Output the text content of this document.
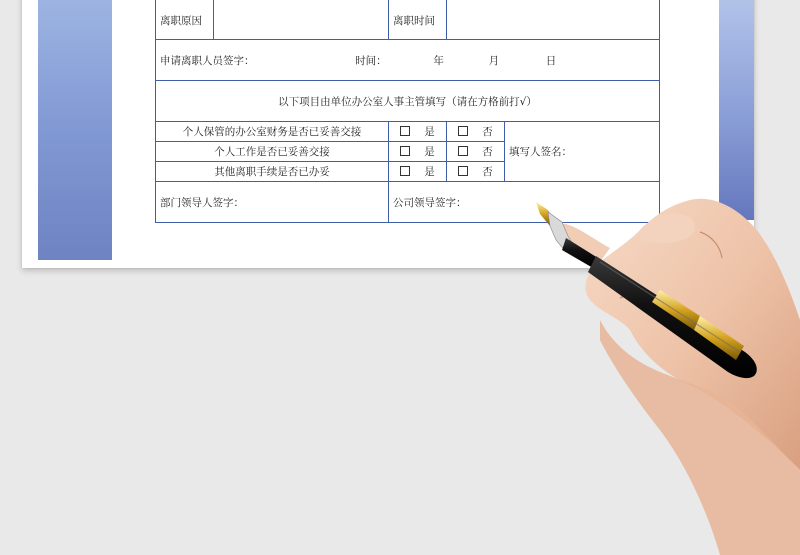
离职原因		离职时间		
申请离职人员签字： 时间： 年 月 日				
以下项目由单位办公室人事主管填写（请在方格前打√）				
个人保管的办公室财务是否已妥善交接		是	否	填写人签名：
个人工作是否已妥善交接		是	否	
其他离职手续是否已办妥		是	否	
部门领导人签字：		公司领导签字：		
